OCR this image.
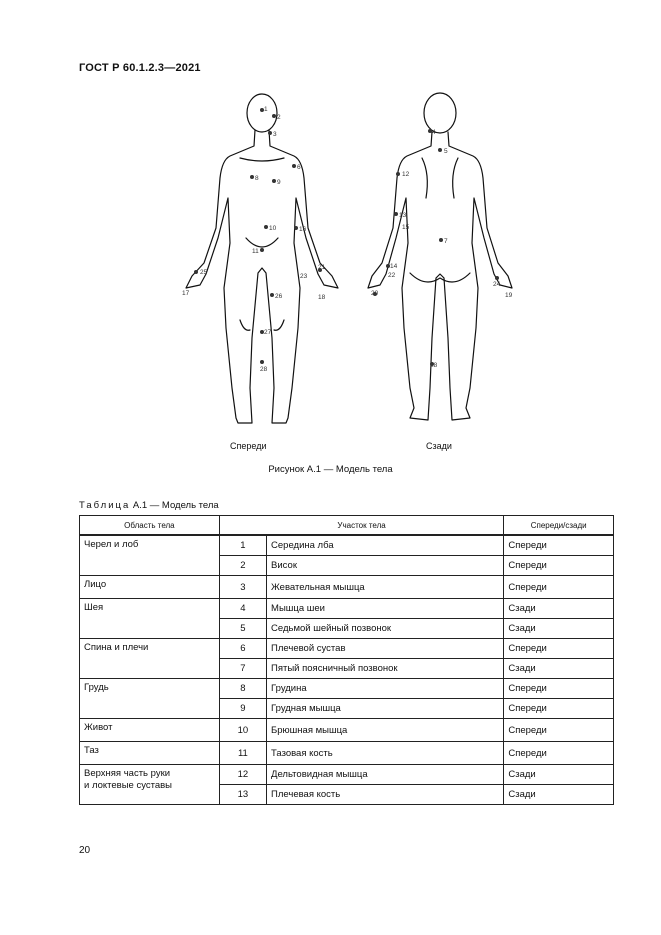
ГОСТ Р 60.1.2.3—2021
1
2
3
6
8
9
10
11
16
26
27
28
25
17
21
23
18
4
5
7
12
13
15
14
22
20
24
19
28
Спереди	Сзади
Рисунок А.1 — Модель тела
Таблица А.1 — Модель тела
Область тела	Участок тела		Спереди/сзади
Черел и лоб	1	Середина лба	Спереди
	2	Висок	Спереди
Лицо	3	Жевательная мышца	Спереди
Шея	4	Мышца шеи	Сзади
	5	Седьмой шейный позвонок	Сзади
Спина и плечи	6	Плечевой сустав	Спереди
	7	Пятый поясничный позвонок	Сзади
Грудь	8	Грудина	Спереди
	9	Грудная мышца	Спереди
Живот	10	Брюшная мышца	Спереди
Таз	11	Тазовая кость	Спереди
Верхняя часть руки
и локтевые суставы	12	Дельтовидная мышца	Сзади
	13	Плечевая кость	Сзади
20
